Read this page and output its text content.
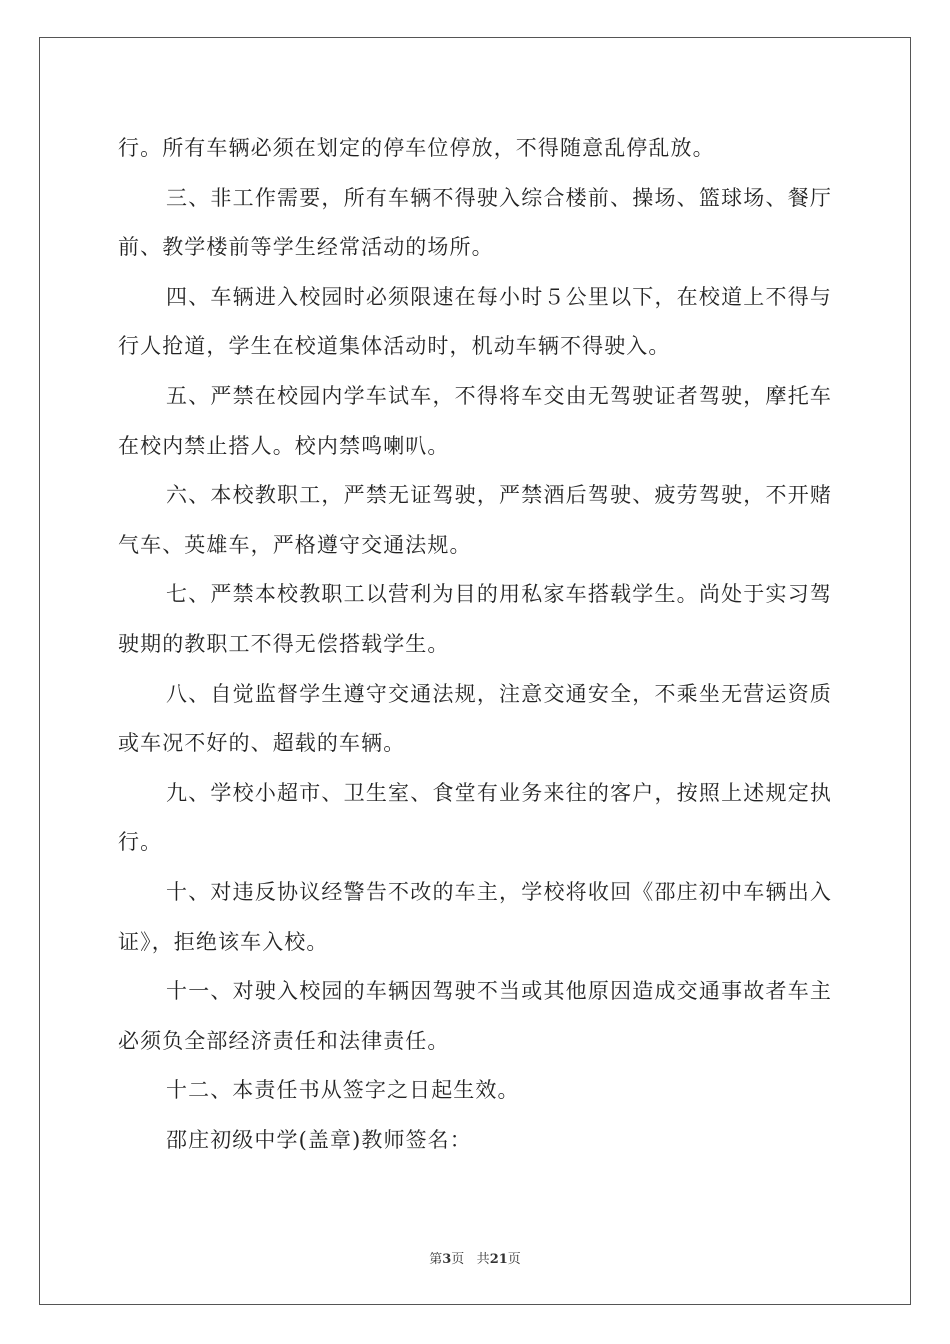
行。所有车辆必须在划定的停车位停放，不得随意乱停乱放。

三、非工作需要，所有车辆不得驶入综合楼前、操场、篮球场、餐厅前、教学楼前等学生经常活动的场所。

四、车辆进入校园时必须限速在每小时５公里以下，在校道上不得与行人抢道，学生在校道集体活动时，机动车辆不得驶入。

五、严禁在校园内学车试车，不得将车交由无驾驶证者驾驶，摩托车在校内禁止搭人。校内禁鸣喇叭。

六、本校教职工，严禁无证驾驶，严禁酒后驾驶、疲劳驾驶，不开赌气车、英雄车，严格遵守交通法规。

七、严禁本校教职工以营利为目的用私家车搭载学生。尚处于实习驾驶期的教职工不得无偿搭载学生。

八、自觉监督学生遵守交通法规，注意交通安全，不乘坐无营运资质或车况不好的、超载的车辆。

九、学校小超市、卫生室、食堂有业务来往的客户，按照上述规定执行。

十、对违反协议经警告不改的车主，学校将收回《邵庄初中车辆出入证》，拒绝该车入校。

十一、对驶入校园的车辆因驾驶不当或其他原因造成交通事故者车主必须负全部经济责任和法律责任。

十二、本责任书从签字之日起生效。

邵庄初级中学(盖章)教师签名：

第3页 共21页
